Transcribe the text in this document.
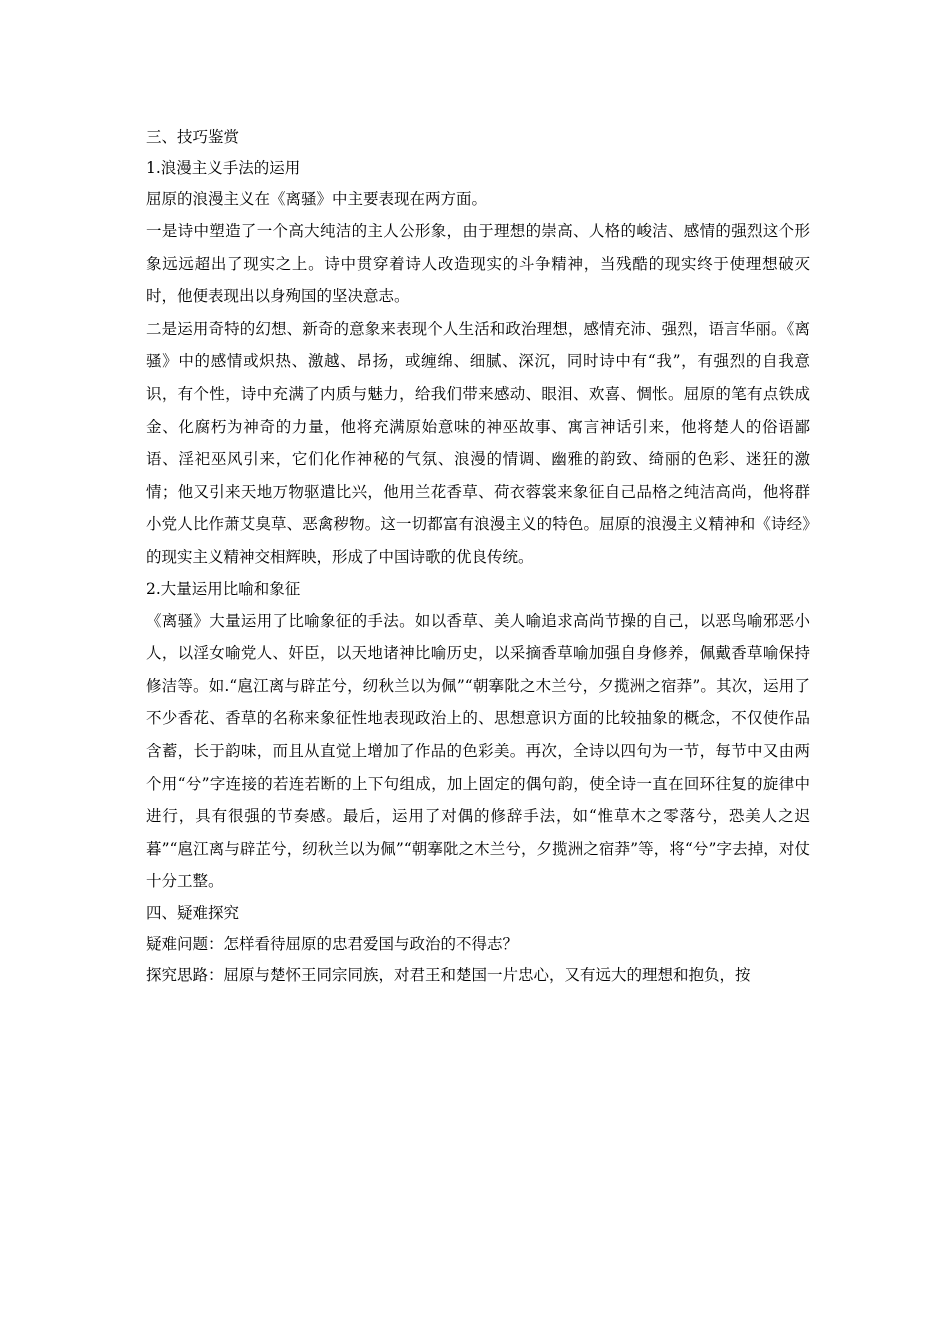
三、技巧鉴赏
1.浪漫主义手法的运用
屈原的浪漫主义在《离骚》中主要表现在两方面。

一是诗中塑造了一个高大纯洁的主人公形象，由于理想的崇高、人格的峻洁、感情的强烈这个形象远远超出了现实之上。诗中贯穿着诗人改造现实的斗争精神，当残酷的现实终于使理想破灭时，他便表现出以身殉国的坚决意志。

二是运用奇特的幻想、新奇的意象来表现个人生活和政治理想，感情充沛、强烈，语言华丽。《离骚》中的感情或炽热、激越、昂扬，或缠绵、细腻、深沉，同时诗中有“我”，有强烈的自我意识，有个性，诗中充满了内质与魅力，给我们带来感动、眼泪、欢喜、惆怅。屈原的笔有点铁成金、化腐朽为神奇的力量，他将充满原始意味的神巫故事、寓言神话引来，他将楚人的俗语鄙语、淫祀巫风引来，它们化作神秘的气氛、浪漫的情调、幽雅的韵致、绮丽的色彩、迷狂的激情；他又引来天地万物驱遣比兴，他用兰花香草、荷衣蓉裳来象征自己品格之纯洁高尚，他将群小党人比作萧艾臭草、恶禽秽物。这一切都富有浪漫主义的特色。屈原的浪漫主义精神和《诗经》的现实主义精神交相辉映，形成了中国诗歌的优良传统。

2.大量运用比喻和象征

《离骚》大量运用了比喻象征的手法。如以香草、美人喻追求高尚节操的自己，以恶鸟喻邪恶小人，以淫女喻党人、奸臣，以天地诸神比喻历史，以采摘香草喻加强自身修养，佩戴香草喻保持修洁等。如.“扈江离与辟芷兮，纫秋兰以为佩”“朝搴阰之木兰兮，夕揽洲之宿莽”。其次，运用了不少香花、香草的名称来象征性地表现政治上的、思想意识方面的比较抽象的概念，不仅使作品含蓄，长于韵味，而且从直觉上增加了作品的色彩美。再次，全诗以四句为一节，每节中又由两个用“兮”字连接的若连若断的上下句组成，加上固定的偶句韵，使全诗一直在回环往复的旋律中进行，具有很强的节奏感。最后，运用了对偶的修辞手法，如“惟草木之零落兮，恐美人之迟暮”“扈江离与辟芷兮，纫秋兰以为佩”“朝搴阰之木兰兮，夕揽洲之宿莽”等，将“兮”字去掉，对仗十分工整。

四、疑难探究
疑难问题：怎样看待屈原的忠君爱国与政治的不得志？
探究思路：屈原与楚怀王同宗同族，对君王和楚国一片忠心，又有远大的理想和抱负，按
